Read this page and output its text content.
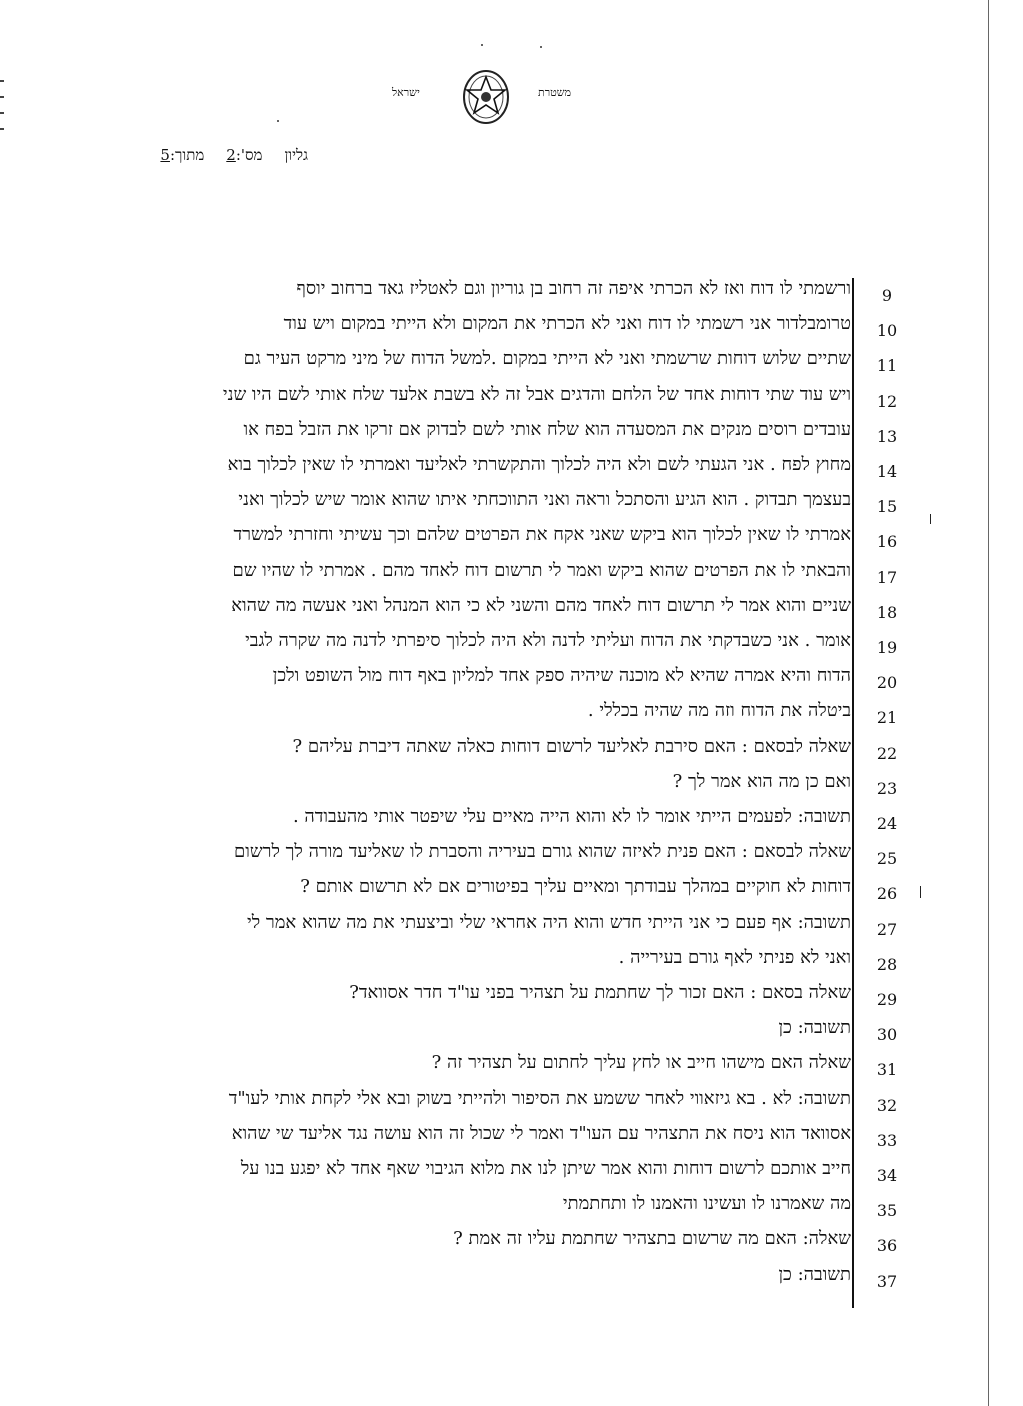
משטרת
ישראל
גליון
מס':2
מתוך:5
ורשמתי לו דוח ואז לא הכרתי איפה זה רחוב בן גוריון וגם לאטליז גאד ברחוב יוסף	9
טרומבלדור אני רשמתי לו דוח ואני לא הכרתי את המקום ולא הייתי במקום ויש עוד	10
שתיים שלוש דוחות שרשמתי ואני לא הייתי במקום .למשל הדוח של מיני מרקט העיר גם	11
ויש עוד שתי דוחות אחד של הלחם והדגים אבל זה לא בשבת אלעד שלח אותי לשם היו שני	12
עובדים רוסים מנקים את המסעדה הוא שלח אותי לשם לבדוק אם זרקו את הזבל בפח או	13
מחוץ לפח . אני הגעתי לשם ולא היה לכלוך והתקשרתי לאליעד ואמרתי לו שאין לכלוך בוא	14
בעצמך תבדוק . הוא הגיע והסתכל וראה ואני התווכחתי איתו שהוא אומר שיש לכלוך ואני	15
אמרתי לו שאין לכלוך הוא ביקש שאני אקח את הפרטים שלהם וכך עשיתי וחזרתי למשרד	16
והבאתי לו את הפרטים שהוא ביקש ואמר לי תרשום דוח לאחד מהם . אמרתי לו שהיו שם	17
שניים והוא אמר לי תרשום דוח לאחד מהם והשני לא כי הוא המנהל ואני אעשה מה שהוא	18
אומר . אני כשבדקתי את הדוח ועליתי לדנה ולא היה לכלוך סיפרתי לדנה מה שקרה לגבי	19
הדוח והיא אמרה שהיא לא מוכנה שיהיה ספק אחד למליון באף דוח מול השופט ולכן	20
ביטלה את הדוח וזה מה שהיה בכללי .	21
שאלה לבסאם : האם סירבת לאליעד לרשום דוחות כאלה שאתה דיברת עליהם ?	22
ואם כן מה הוא אמר לך ?	23
תשובה: לפעמים הייתי אומר לו לא והוא הייה מאיים עלי שיפטר אותי מהעבודה .	24
שאלה לבסאם : האם פנית לאיזה שהוא גורם בעיריה והסברת לו שאליעד מורה לך לרשום	25
דוחות לא חוקיים במהלך עבודתך ומאיים עליך בפיטורים אם לא תרשום אותם ?	26
תשובה: אף פעם כי אני הייתי חדש והוא היה אחראי שלי וביצעתי את מה שהוא אמר לי	27
ואני לא פניתי לאף גורם בעירייה .	28
שאלה בסאם : האם זכור לך שחתמת על תצהיר בפני עו"ד חדר אסוואד?	29
תשובה: כן	30
שאלה האם מישהו חייב או לחץ עליך לחתום על תצהיר זה ?	31
תשובה: לא . בא גיזאווי לאחר ששמע את הסיפור ולהייתי בשוק ובא אלי לקחת אותי לעו"ד	32
אסוואד הוא ניסח את התצהיר עם העו"ד ואמר לי שכול זה הוא עושה נגד אליעד שי שהוא	33
חייב אותכם לרשום דוחות והוא אמר שיתן לנו את מלוא הגיבוי שאף אחד לא יפגע בנו על	34
מה שאמרנו לו ועשינו והאמנו לו ותחתמתי	35
שאלה: האם מה שרשום בתצהיר שחתמת עליו זה אמת ?	36
תשובה: כן	37
